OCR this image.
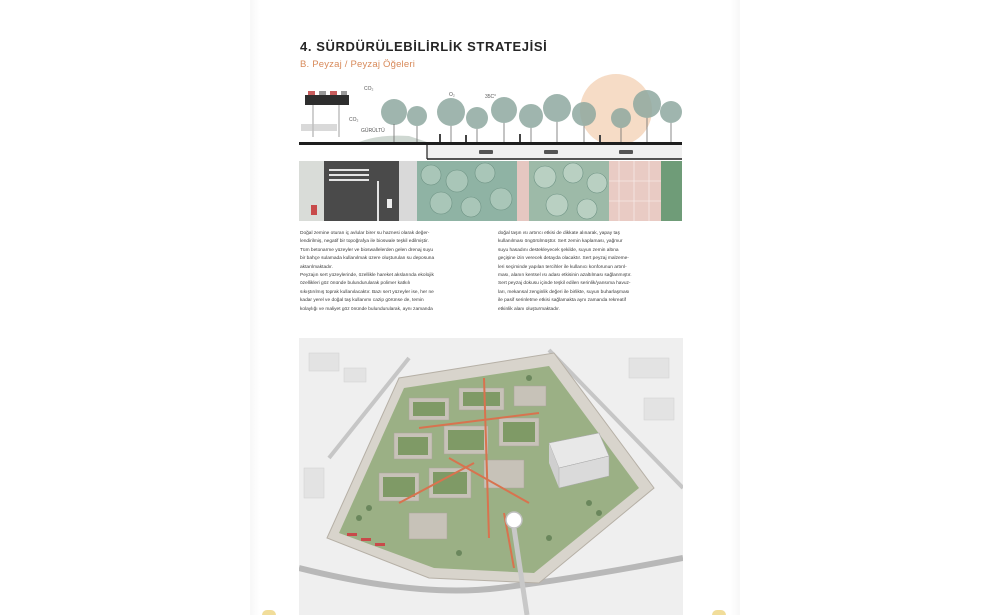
4. SÜRDÜRÜLEBİLİRLİK STRATEJİSİ
B. Peyzaj / Peyzaj Öğeleri
CO₂
CO₂
O₂	35C°
GÜRÜLTÜ

Doğal zemine oturan iç avlular birer su haznesi olarak değer-

lendirilmiş, negatif bir topoğrafya ile bioswale teşkil edilmiştir.

Tüm betonarme yüzeyler ve bioswallelerden gelen drenaj suyu

bir bahçe sulamada kullanılmak üzere oluşturulan su deposuna

aktarılmaktadır.

Peyzajın sert yüzeylerinde, özellikle hareket akslarında ekolojik

özellikleri göz önünde bulundurularak polimer katkılı

sıkıştırılmış toprak kullanılacaktır. Bazı sert yüzeyler ise, her ne

kadar yerel ve doğal taş kullanımı cazip görünse de, temin

kolaylığı ve maliyet göz önünde bulundurularak, aynı zamanda

doğal taşın ısı artırıcı etkisi de dikkate alınarak, yapay taş

kullanılması öngörülmüştür. Sert zemin kaplaması, yağmur

suyu hasadını destekleyecek şekilde, suyun zemin altına

geçişine izin verecek detayda olacaktır. Sert peyzaj malzeme-

leri seçiminde yapılan tercihler ile kullanıcı konforunun artırıl-

ması, alanın kentsel ısı adası etkisinin azaltılması sağlanmıştır.

Sert peyzaj dokusu içinde teşkil edilen serinlik/yansıma havuz-

ları, mekansal zenginlik değeri ile birlikte, suyun buharlaşması

ile pasif serinletme etkisi sağlamakta aynı zamanda rekreatif

etkinlik alanı oluşturmaktadır.
